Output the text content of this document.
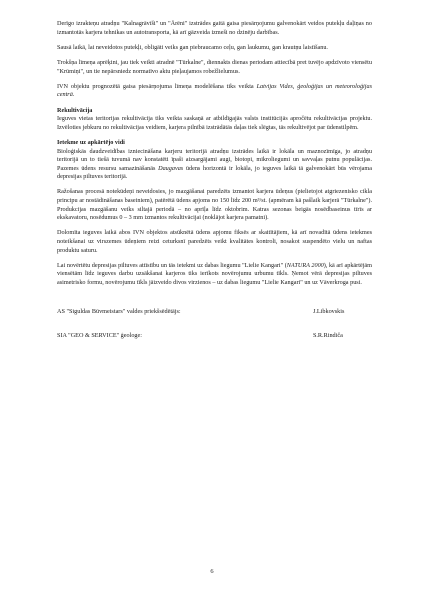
Derīgo izrakteņu atradņu "Kalnagrāvīši" un "Ārēni" izstrādes gaitā gaisa piesārņojumu galvenokārt veidos putekļu daļiņas no izmantotās karjera tehnikas un autotransporta, kā arī gāzveida izmeši no dzinēju darbības.

Sausā laikā, lai neveidotos putekļi, obligāti veiks gan piebraucamo ceļu, gan laukumu, gan krautņu laistīšanu.

Trokšņa līmeņa aprēķini, jau tiek veikti atradnē "Tūrkalne", diennakts dienas periodam attiecībā pret tuvējo apdzīvoto viensētu "Krūmiņi", un tie nepārsniedz normatīvo aktu pieļaujamos robežlielumus.

IVN objektu prognozētā gaisa piesārņojuma līmeņa modelēšana tiks veikta Latvijas Vides, ģeoloģijas un meteoroloģijas centrā.

Rekultivācija

Ieguves vietas teritorijas rekultivācija tiks veikta saskaņā ar atbildīgajās valsts institūcijās apročētu rekultivācijas projektu. Izvēloties jebkuru no rekultivācijas veidiem, karjera pilnībā izstrādātās daļas tiek slēgtas, tās rekultivējot par ūdenstilpēm.

Ietekme uz apkārtējo vidi

Bioloģiskās daudzveidības izniecināšana karjeru teritorijā atradņu izstrādes laikā ir lokāla un maznozīmīga, jo atradņu teritorijā un to tiešā tuvumā nav konstatēti īpaši aizsargājami augi, biotopi, mikroliegumi un savvaļas putnu populācijas. Pazemes ūdens resursu samazināšanās Daugavas ūdens horizontā ir lokāla, jo ieguves laikā tā galvenokārt būs vērojama depresijas piltuves teritorijā.

Ražošanas procesā notekūdeņi neveidosies, jo mazgāšanai paredzēts izmantot karjera ūdeņus (pielietojot atgriezenisko cikla principu ar nostādināšanas baseiniem), patērētā ūdens apjoms no 150 līdz 200 m³/st. (apmēram kā pašlaik karjerā "Tūrkalne"). Produkcijas mazgāšanu veiks siltajā periodā – no aprīļa līdz oktobrim. Katras sezonas beigās nosēdbaseinus tīrīs ar ekskavatoru, nosēdumus 0 – 3 mm izmantos rekultivācijai (noklājot karjera pamatni).

Dolomīta ieguves laikā abos IVN objektos atsūknētā ūdens apjomu fiksēs ar skaitītājiem, kā arī novadītā ūdens ietekmes noteikšanai uz virszemes ūdeņiem reizi ceturksnī paredzēts veikt kvalitātes kontroli, nosakot suspendēto vielu un naftas produktu saturu.

Lai novērtētu depresijas piltuves attīstību un tās ietekmi uz dabas liegumu "Lielie Kangari" (NATURA 2000), kā arī apkārtējām viensētām līdz ieguves darbu uzsākšanai karjeros tiks ierīkots novērojumu urbumu tīkls. Ņemot vērā depresijas piltuves asimetrisko formu, novērojumu tīkls jāizveido divos virzienos – uz dabas liegumu "Lielie Kangari" un uz Vāverkroga pusi.

AS "Siguldas Būvmeistars" valdes priekšsēdētājs:	J.Libkovskis
SIA "GEO & SERVICE" ģeologe:	S.R.Rindiča
6
